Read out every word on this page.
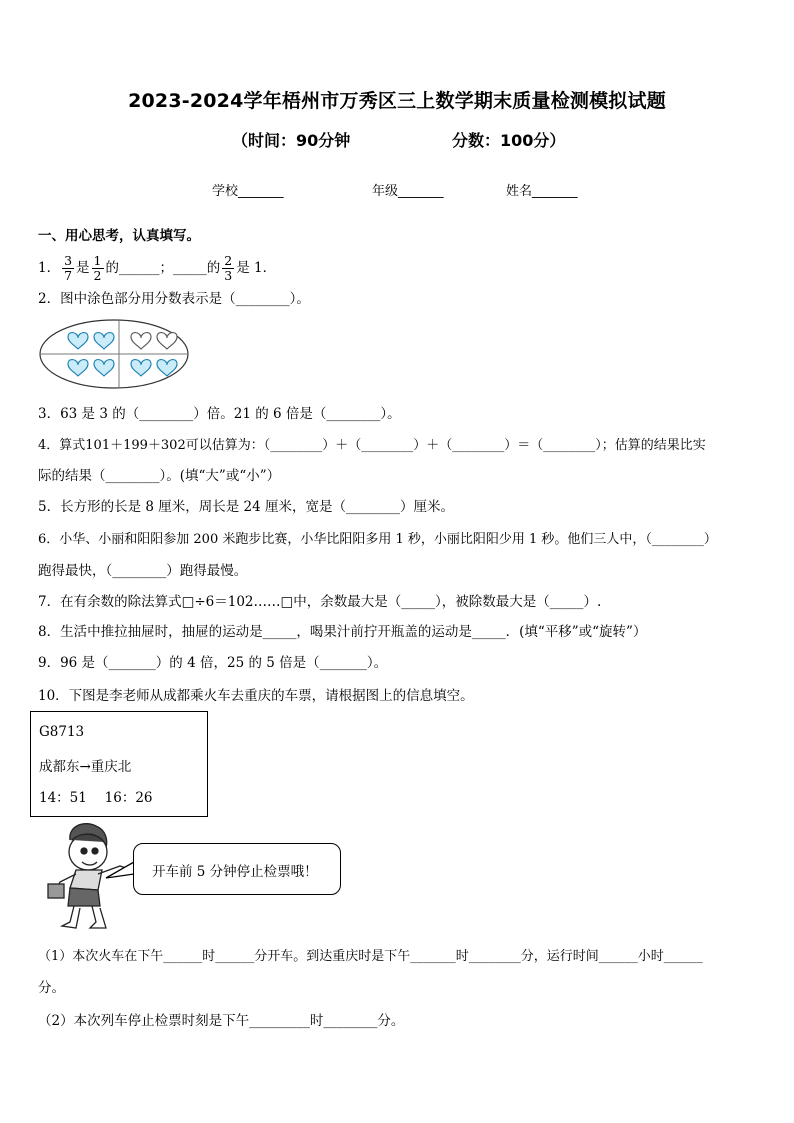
2023-2024学年梧州市万秀区三上数学期末质量检测模拟试题
（时间：90分钟	分数：100分）
学校_______	年级_______	姓名_______
一、用心思考，认真填写。
1． $\frac{3}{7}$ 是 $\frac{1}{2}$ 的______；_____的 $\frac{2}{3}$ 是 1．
2．图中涂色部分用分数表示是（________）。
3．63 是 3 的（________）倍。21 的 6 倍是（________）。
4．算式101＋199＋302可以估算为：（________）＋（________）＋（________）＝（________）；估算的结果比实
际的结果（________）。(填“大”或“小”）
5．长方形的长是 8 厘米，周长是 24 厘米，宽是（________）厘米。
6．小华、小丽和阳阳参加 200 米跑步比赛，小华比阳阳多用 1 秒，小丽比阳阳少用 1 秒。他们三人中，（________）
跑得最快，（________）跑得最慢。
7．在有余数的除法算式□÷6＝102……□中，余数最大是（_____），被除数最大是（_____）.
8．生活中推拉抽屉时，抽屉的运动是_____，喝果汁前拧开瓶盖的运动是_____．(填“平移”或“旋转”）
9．96 是（_______）的 4 倍，25 的 5 倍是（_______）。
10．下图是李老师从成都乘火车去重庆的车票，请根据图上的信息填空。
G8713
成都东→重庆北
14：51　 16：26
开车前 5 分钟停止检票哦！
（1）本次火车在下午______时______分开车。到达重庆时是下午_______时________分，运行时间______小时______
分。
（2）本次列车停止检票时刻是下午_________时________分。
